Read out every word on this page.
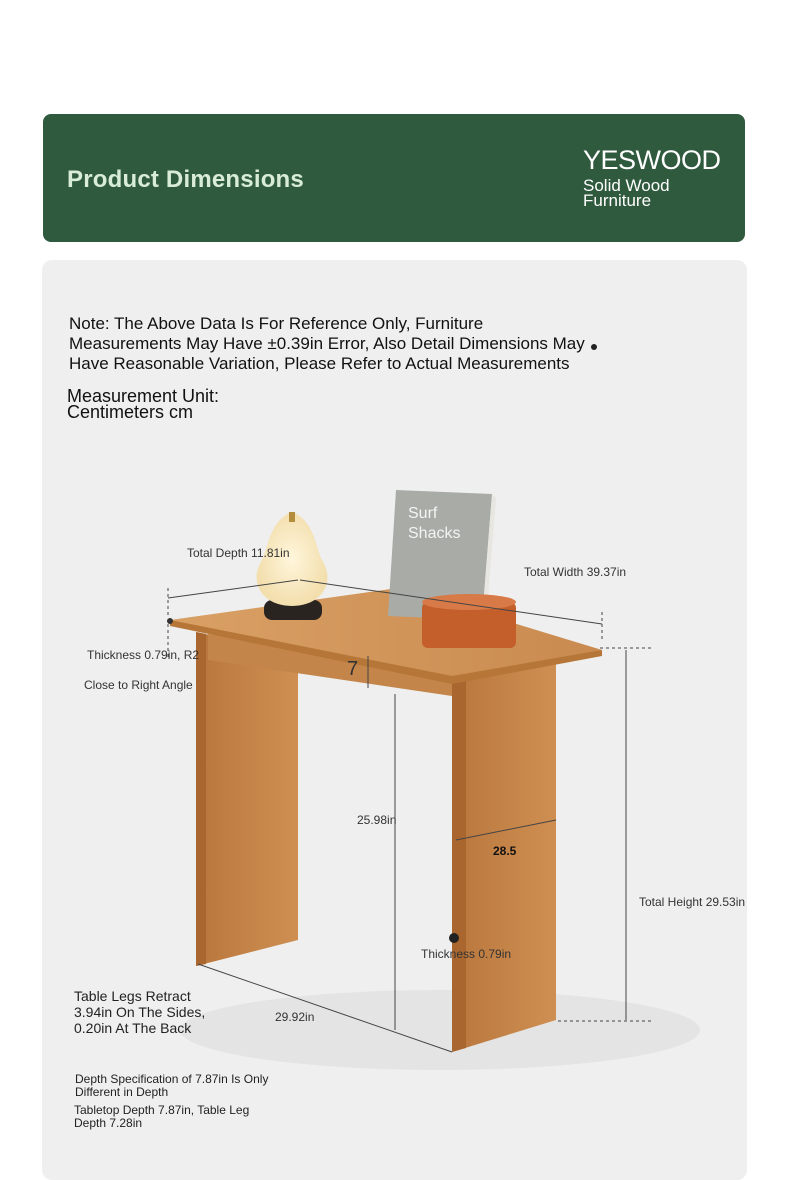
Product Dimensions
YESWOOD
Solid Wood Furniture
Note: The Above Data Is For Reference Only, Furniture Measurements May Have ±0.39in Error, Also Detail Dimensions May Have Reasonable Variation, Please Refer to Actual Measurements
Measurement Unit: Centimeters cm
Surf
Shacks
Total Depth 11.81in
Total Width 39.37in
Thickness 0.79in, R2
Close to Right Angle
7
25.98in
28.5
Total Height 29.53in
Thickness 0.79in
29.92in
Table Legs Retract 3.94in On The Sides, 0.20in At The Back
Depth Specification of 7.87in Is Only Different in Depth
Tabletop Depth 7.87in, Table Leg Depth 7.28in
